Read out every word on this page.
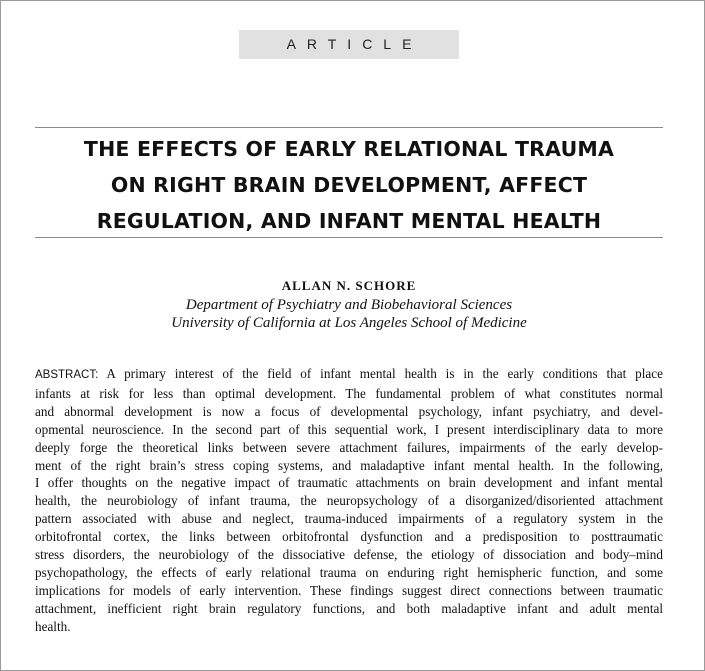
ARTICLE
THE EFFECTS OF EARLY RELATIONAL TRAUMA
ON RIGHT BRAIN DEVELOPMENT, AFFECT
REGULATION, AND INFANT MENTAL HEALTH
ALLAN N. SCHORE
Department of Psychiatry and Biobehavioral Sciences
University of California at Los Angeles School of Medicine
ABSTRACT: A primary interest of the field of infant mental health is in the early conditions that place
infants at risk for less than optimal development. The fundamental problem of what constitutes normal
and abnormal development is now a focus of developmental psychology, infant psychiatry, and devel-
opmental neuroscience. In the second part of this sequential work, I present interdisciplinary data to more
deeply forge the theoretical links between severe attachment failures, impairments of the early develop-
ment of the right brain’s stress coping systems, and maladaptive infant mental health. In the following,
I offer thoughts on the negative impact of traumatic attachments on brain development and infant mental
health, the neurobiology of infant trauma, the neuropsychology of a disorganized/disoriented attachment
pattern associated with abuse and neglect, trauma-induced impairments of a regulatory system in the
orbitofrontal cortex, the links between orbitofrontal dysfunction and a predisposition to posttraumatic
stress disorders, the neurobiology of the dissociative defense, the etiology of dissociation and body–mind
psychopathology, the effects of early relational trauma on enduring right hemispheric function, and some
implications for models of early intervention. These findings suggest direct connections between traumatic
attachment, inefficient right brain regulatory functions, and both maladaptive infant and adult mental
health.
